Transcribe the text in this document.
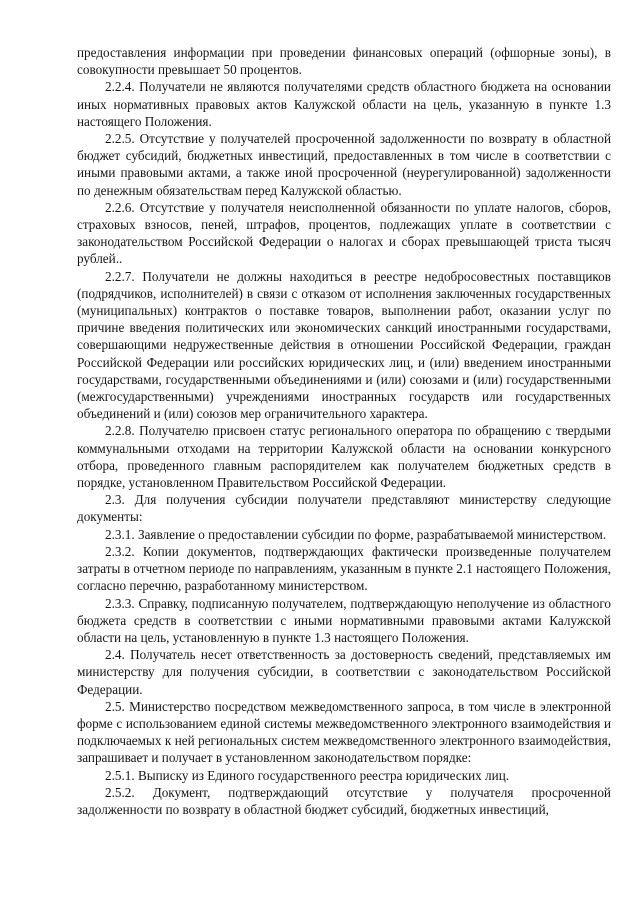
предоставления информации при проведении финансовых операций (офшорные зоны), в совокупности превышает 50 процентов.

2.2.4. Получатели не являются получателями средств областного бюджета на основании иных нормативных правовых актов Калужской области на цель, указанную в пункте 1.3 настоящего Положения.

2.2.5. Отсутствие у получателей просроченной задолженности по возврату в областной бюджет субсидий, бюджетных инвестиций, предоставленных в том числе в соответствии с иными правовыми актами, а также иной просроченной (неурегулированной) задолженности по денежным обязательствам перед Калужской областью.

2.2.6. Отсутствие у получателя неисполненной обязанности по уплате налогов, сборов, страховых взносов, пеней, штрафов, процентов, подлежащих уплате в соответствии с законодательством Российской Федерации о налогах и сборах превышающей триста тысяч рублей..

2.2.7. Получатели не должны находиться в реестре недобросовестных поставщиков (подрядчиков, исполнителей) в связи с отказом от исполнения заключенных государственных (муниципальных) контрактов о поставке товаров, выполнении работ, оказании услуг по причине введения политических или экономических санкций иностранными государствами, совершающими недружественные действия в отношении Российской Федерации, граждан Российской Федерации или российских юридических лиц, и (или) введением иностранными государствами, государственными объединениями и (или) союзами и (или) государственными (межгосударственными) учреждениями иностранных государств или государственных объединений и (или) союзов мер ограничительного характера.

2.2.8. Получателю присвоен статус регионального оператора по обращению с твердыми коммунальными отходами на территории Калужской области на основании конкурсного отбора, проведенного главным распорядителем как получателем бюджетных средств в порядке, установленном Правительством Российской Федерации.

2.3. Для получения субсидии получатели представляют министерству следующие документы:

2.3.1. Заявление о предоставлении субсидии по форме, разрабатываемой министерством.

2.3.2. Копии документов, подтверждающих фактически произведенные получателем затраты в отчетном периоде по направлениям, указанным в пункте 2.1 настоящего Положения, согласно перечню, разработанному министерством.

2.3.3. Справку, подписанную получателем, подтверждающую неполучение из областного бюджета средств в соответствии с иными нормативными правовыми актами Калужской области на цель, установленную в пункте 1.3 настоящего Положения.

2.4. Получатель несет ответственность за достоверность сведений, представляемых им министерству для получения субсидии, в соответствии с законодательством Российской Федерации.

2.5. Министерство посредством межведомственного запроса, в том числе в электронной форме с использованием единой системы межведомственного электронного взаимодействия и подключаемых к ней региональных систем межведомственного электронного взаимодействия, запрашивает и получает в установленном законодательством порядке:

2.5.1. Выписку из Единого государственного реестра юридических лиц.

2.5.2. Документ, подтверждающий отсутствие у получателя просроченной задолженности по возврату в областной бюджет субсидий, бюджетных инвестиций,
